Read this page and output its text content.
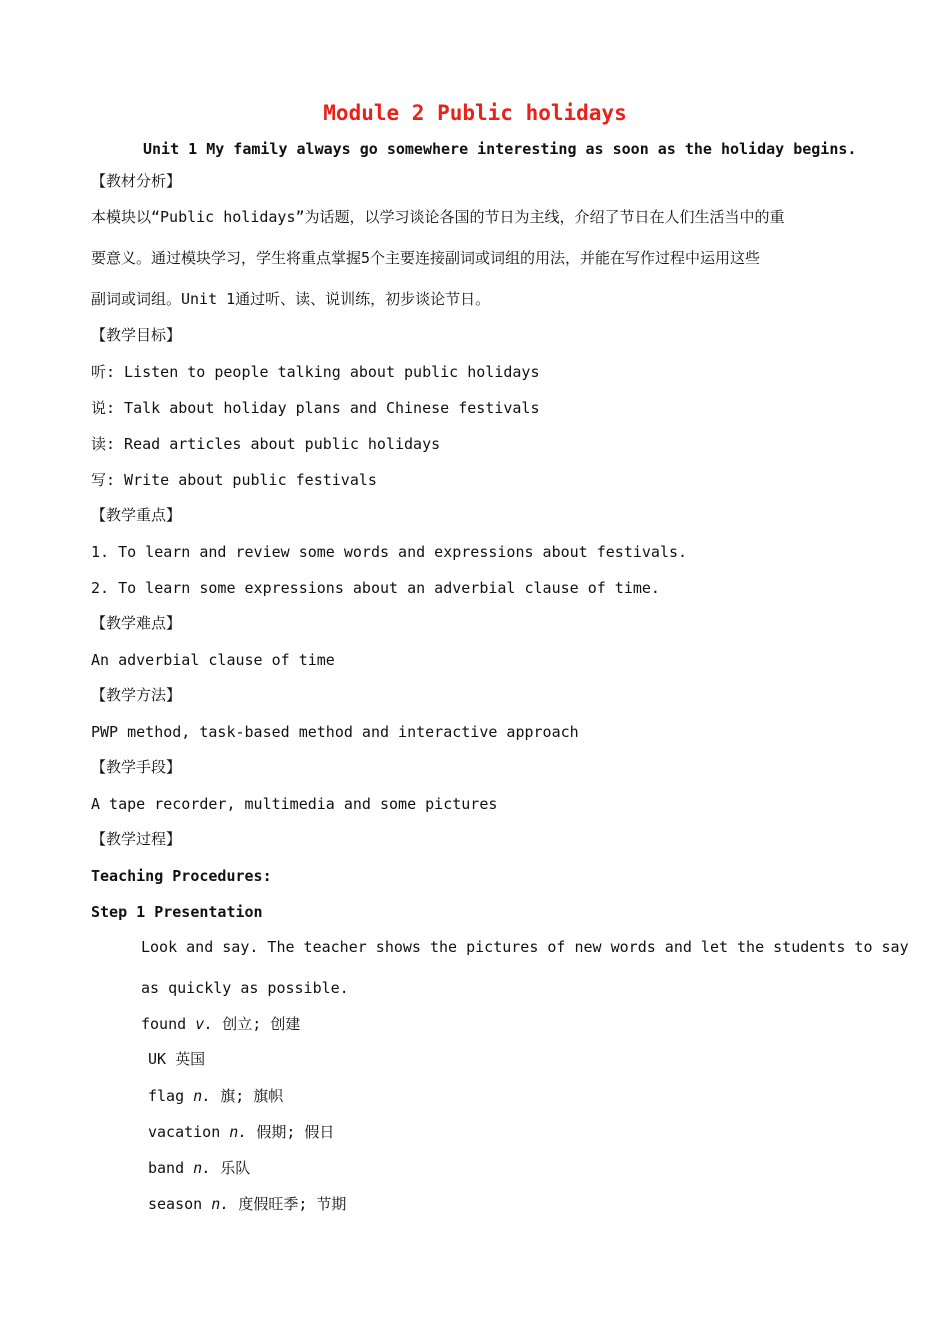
Module 2 Public holidays
Unit 1 My family always go somewhere interesting as soon as the holiday begins.
【教材分析】
本模块以“Public holidays”为话题，以学习谈论各国的节日为主线，介绍了节日在人们生活当中的重
要意义。通过模块学习，学生将重点掌握5个主要连接副词或词组的用法，并能在写作过程中运用这些
副词或词组。Unit 1通过听、读、说训练，初步谈论节日。
【教学目标】
听: Listen to people talking about public holidays
说: Talk about holiday plans and Chinese festivals
读: Read articles about public holidays
写: Write about public festivals
【教学重点】
1. To learn and review some words and expressions about festivals.
2. To learn some expressions about an adverbial clause of time.
【教学难点】
An adverbial clause of time
【教学方法】
PWP method, task-based method and interactive approach
【教学手段】
A tape recorder, multimedia and some pictures
【教学过程】
Teaching Procedures:
Step 1 Presentation
Look and say. The teacher shows the pictures of new words and let the students to say
as quickly as possible.
found v. 创立; 创建
UK 英国
flag n. 旗; 旗帜
vacation n. 假期; 假日
band n. 乐队
season n. 度假旺季; 节期
